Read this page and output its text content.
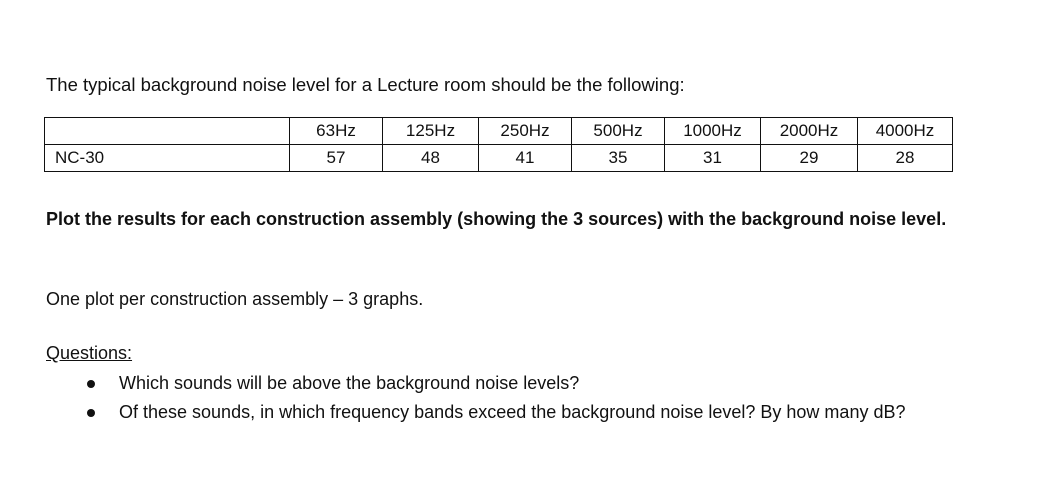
The typical background noise level for a Lecture room should be the following:

	63Hz	125Hz	250Hz	500Hz	1000Hz	2000Hz	4000Hz
NC-30	57	48	41	35	31	29	28

Plot the results for each construction assembly (showing the 3 sources) with the background noise level.

One plot per construction assembly – 3 graphs.

Questions:

Which sounds will be above the background noise levels?
Of these sounds, in which frequency bands exceed the background noise level? By how many dB?
